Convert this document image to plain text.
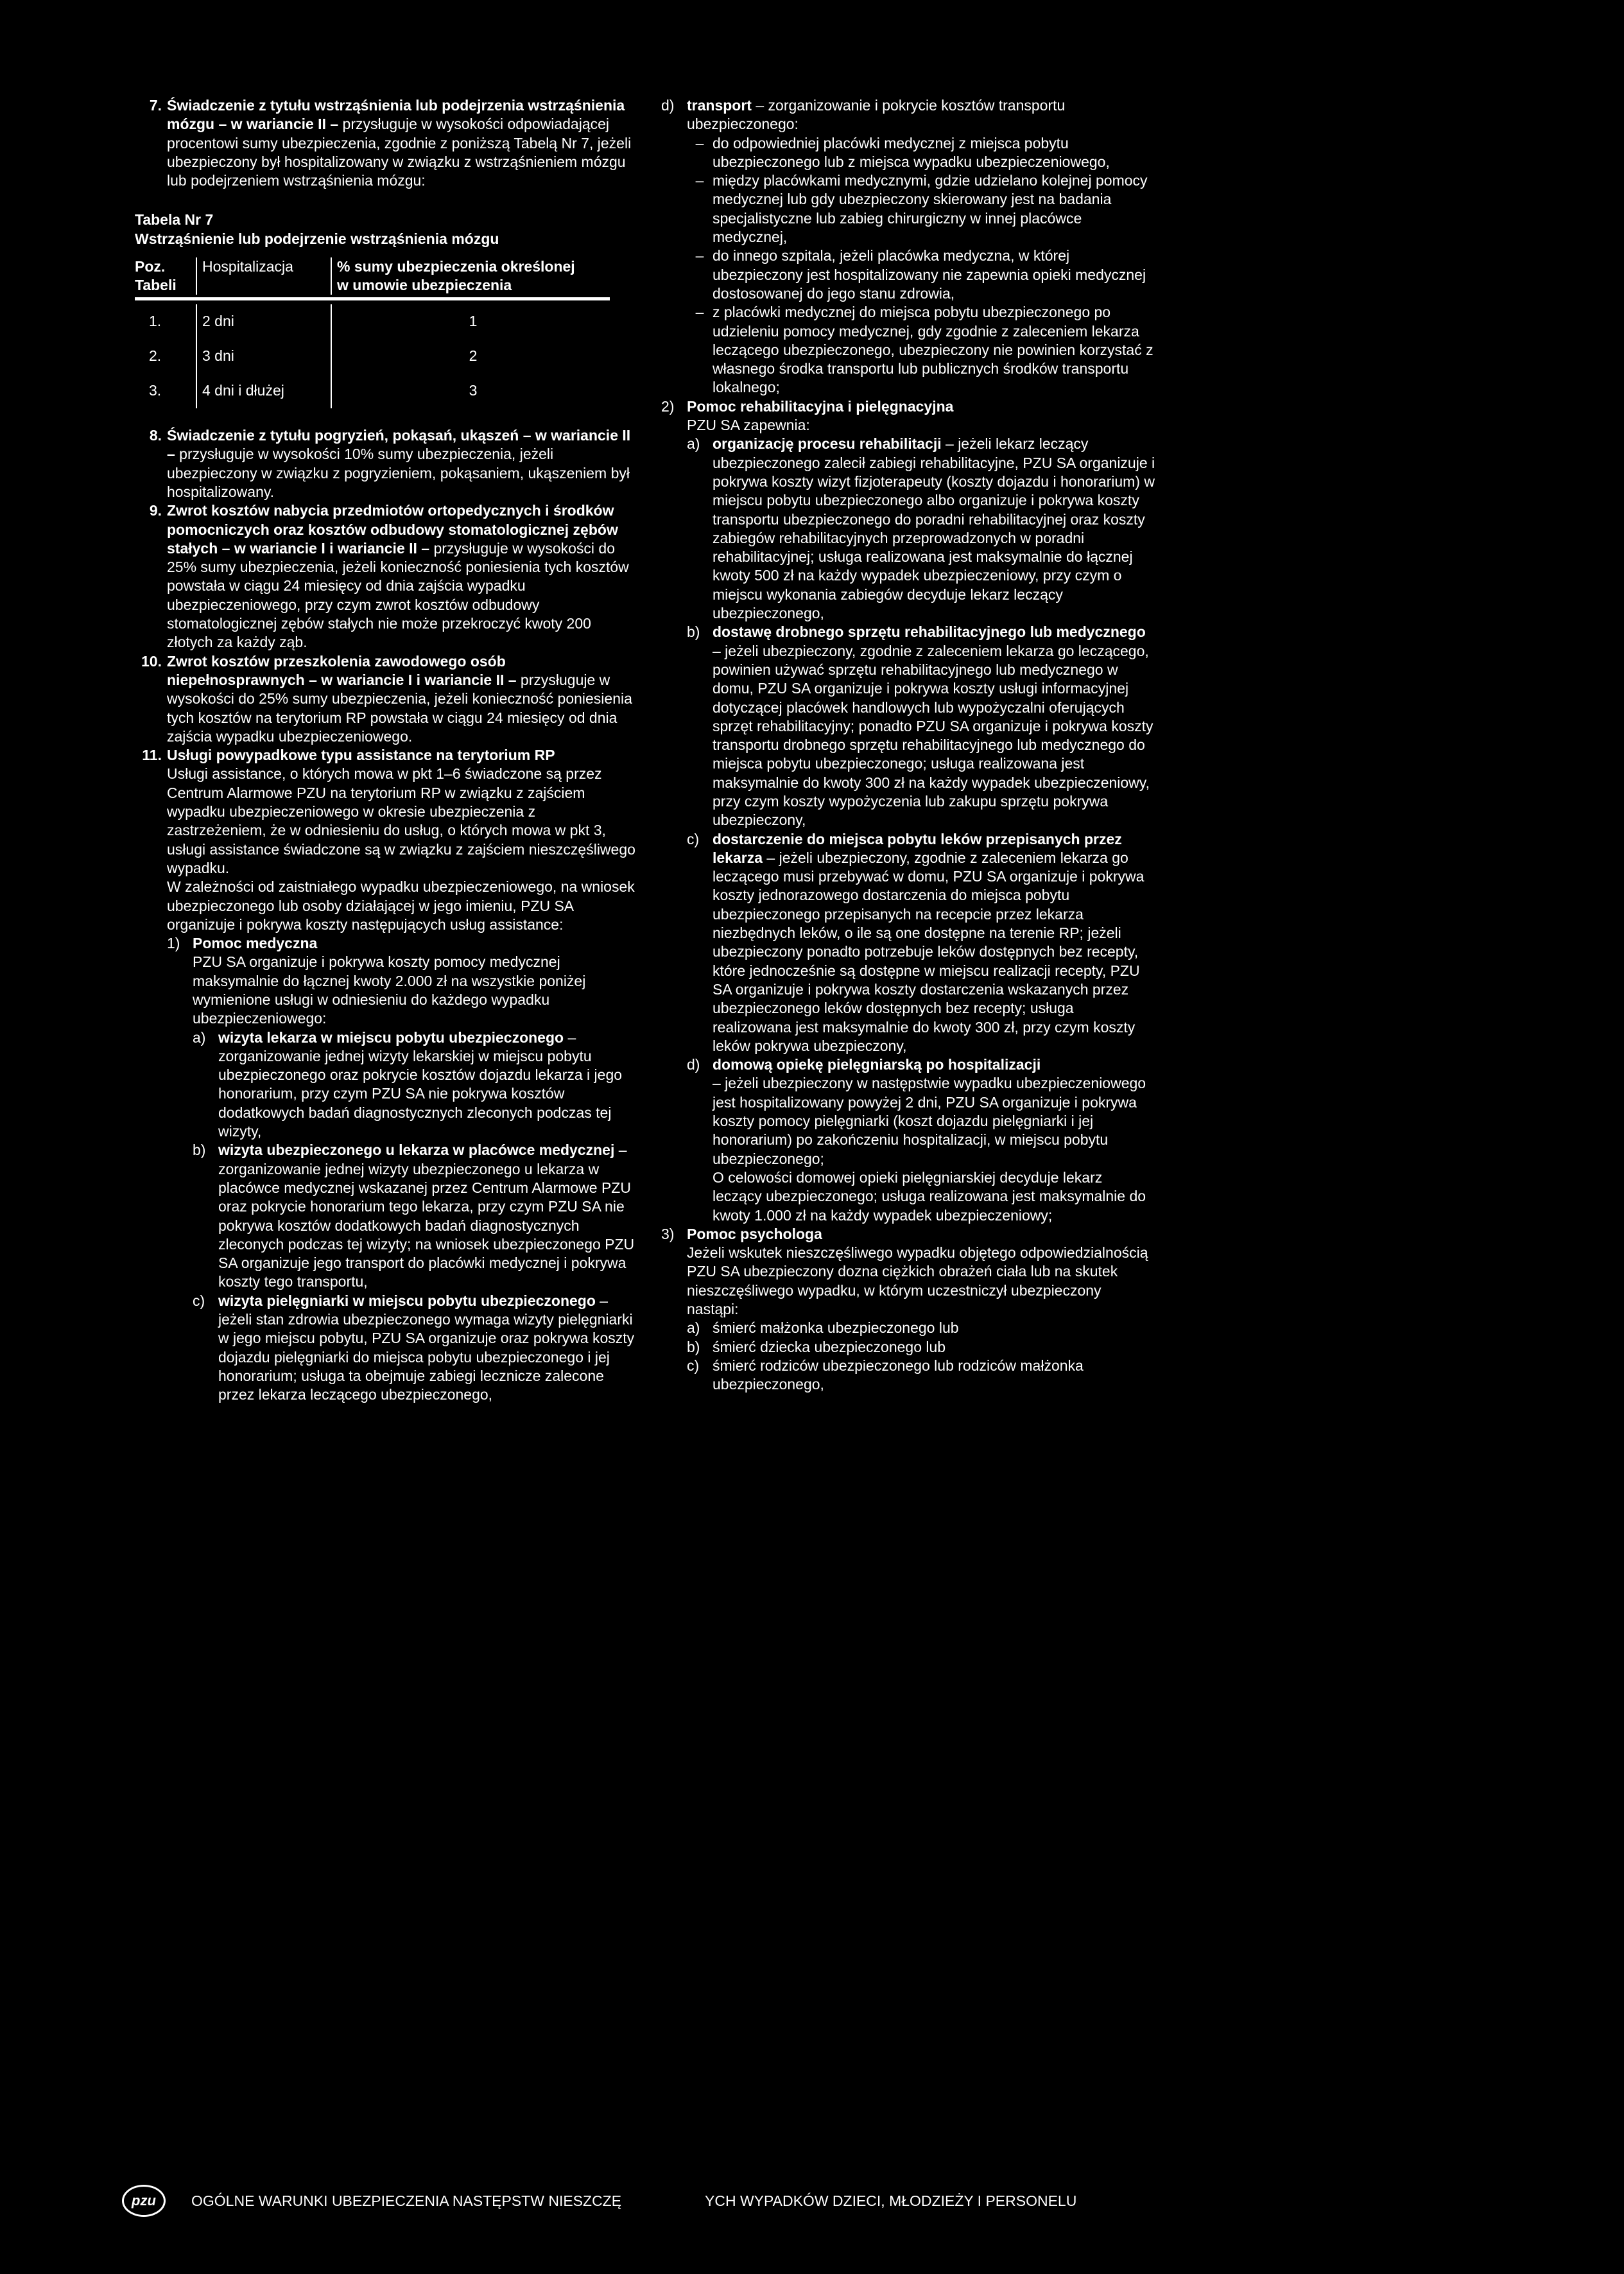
7. Świadczenie z tytułu wstrząśnienia lub podejrzenia wstrząśnienia mózgu – w wariancie II – przysługuje w wysokości odpowiadającej procentowi sumy ubezpieczenia, zgodnie z poniższą Tabelą Nr 7, jeżeli ubezpieczony był hospitalizowany w związku z wstrząśnieniem mózgu lub podejrzeniem wstrząśnienia mózgu:

Tabela Nr 7

Wstrząśnienie lub podejrzenie wstrząśnienia mózgu

Poz.
Tabeli
Hospitalizacja	% sumy ubezpieczenia określonej
w umowie ubezpieczenia
1.	2 dni	1
2.	3 dni	2
3.	4 dni i dłużej	3
8. Świadczenie z tytułu pogryzień, pokąsań, ukąszeń – w wariancie II – przysługuje w wysokości 10% sumy ubezpieczenia, jeżeli ubezpieczony w związku z pogryzieniem, pokąsaniem, ukąszeniem był hospitalizowany.

9. Zwrot kosztów nabycia przedmiotów ortopedycznych i środków pomocniczych oraz kosztów odbudowy stomatologicznej zębów stałych – w wariancie I i wariancie II – przysługuje w wysokości do 25% sumy ubezpieczenia, jeżeli konieczność poniesienia tych kosztów powstała w ciągu 24 miesięcy od dnia zajścia wypadku ubezpieczeniowego, przy czym zwrot kosztów odbudowy stomatologicznej zębów stałych nie może przekroczyć kwoty 200 złotych za każdy ząb.

10. Zwrot kosztów przeszkolenia zawodowego osób niepełnosprawnych – w wariancie I i wariancie II – przysługuje w wysokości do 25% sumy ubezpieczenia, jeżeli konieczność poniesienia tych kosztów na terytorium RP powstała w ciągu 24 miesięcy od dnia zajścia wypadku ubezpieczeniowego.

11. Usługi powypadkowe typu assistance na terytorium RP

Usługi assistance, o których mowa w pkt 1–6 świadczone są przez Centrum Alarmowe PZU na terytorium RP w związku z zajściem wypadku ubezpieczeniowego w okresie ubezpieczenia z zastrzeżeniem, że w odniesieniu do usług, o których mowa w pkt 3, usługi assistance świadczone są w związku z zajściem nieszczęśliwego wypadku.

W zależności od zaistniałego wypadku ubezpieczeniowego, na wniosek ubezpieczonego lub osoby działającej w jego imieniu, PZU SA organizuje i pokrywa koszty następujących usług assistance:

1) Pomoc medyczna

PZU SA organizuje i pokrywa koszty pomocy medycznej maksymalnie do łącznej kwoty 2.000 zł na wszystkie poniżej wymienione usługi w odniesieniu do każdego wypadku ubezpieczeniowego:

a) wizyta lekarza w miejscu pobytu ubezpieczonego – zorganizowanie jednej wizyty lekarskiej w miejscu pobytu ubezpieczonego oraz pokrycie kosztów dojazdu lekarza i jego honorarium, przy czym PZU SA nie pokrywa kosztów dodatkowych badań diagnostycznych zleconych podczas tej wizyty,

b) wizyta ubezpieczonego u lekarza w placówce medycznej – zorganizowanie jednej wizyty ubezpieczonego u lekarza w placówce medycznej wskazanej przez Centrum Alarmowe PZU oraz pokrycie honorarium tego lekarza, przy czym PZU SA nie pokrywa kosztów dodatkowych badań diagnostycznych zleconych podczas tej wizyty; na wniosek ubezpieczonego PZU SA organizuje jego transport do placówki medycznej i pokrywa koszty tego transportu,

c) wizyta pielęgniarki w miejscu pobytu ubezpieczonego – jeżeli stan zdrowia ubezpieczonego wymaga wizyty pielęgniarki w jego miejscu pobytu, PZU SA organizuje oraz pokrywa koszty dojazdu pielęgniarki do miejsca pobytu ubezpieczonego i jej honorarium; usługa ta obejmuje zabiegi lecznicze zalecone przez lekarza leczącego ubezpieczonego,

d) transport – zorganizowanie i pokrycie kosztów transportu ubezpieczonego:

– do odpowiedniej placówki medycznej z miejsca pobytu ubezpieczonego lub z miejsca wypadku ubezpieczeniowego,

– między placówkami medycznymi, gdzie udzielano kolejnej pomocy medycznej lub gdy ubezpieczony skierowany jest na badania specjalistyczne lub zabieg chirurgiczny w innej placówce medycznej,

– do innego szpitala, jeżeli placówka medyczna, w której ubezpieczony jest hospitalizowany nie zapewnia opieki medycznej dostosowanej do jego stanu zdrowia,

– z placówki medycznej do miejsca pobytu ubezpieczonego po udzieleniu pomocy medycznej, gdy zgodnie z zaleceniem lekarza leczącego ubezpieczonego, ubezpieczony nie powinien korzystać z własnego środka transportu lub publicznych środków transportu lokalnego;

2) Pomoc rehabilitacyjna i pielęgnacyjna

PZU SA zapewnia:

a) organizację procesu rehabilitacji – jeżeli lekarz leczący ubezpieczonego zalecił zabiegi rehabilitacyjne, PZU SA organizuje i pokrywa koszty wizyt fizjoterapeuty (koszty dojazdu i honorarium) w miejscu pobytu ubezpieczonego albo organizuje i pokrywa koszty transportu ubezpieczonego do poradni rehabilitacyjnej oraz koszty zabiegów rehabilitacyjnych przeprowadzonych w poradni rehabilitacyjnej; usługa realizowana jest maksymalnie do łącznej kwoty 500 zł na każdy wypadek ubezpieczeniowy, przy czym o miejscu wykonania zabiegów decyduje lekarz leczący ubezpieczonego,

b) dostawę drobnego sprzętu rehabilitacyjnego lub medycznego – jeżeli ubezpieczony, zgodnie z zaleceniem lekarza go leczącego, powinien używać sprzętu rehabilitacyjnego lub medycznego w domu, PZU SA organizuje i pokrywa koszty usługi informacyjnej dotyczącej placówek handlowych lub wypożyczalni oferujących sprzęt rehabilitacyjny; ponadto PZU SA organizuje i pokrywa koszty transportu drobnego sprzętu rehabilitacyjnego lub medycznego do miejsca pobytu ubezpieczonego; usługa realizowana jest maksymalnie do kwoty 300 zł na każdy wypadek ubezpieczeniowy, przy czym koszty wypożyczenia lub zakupu sprzętu pokrywa ubezpieczony,

c) dostarczenie do miejsca pobytu leków przepisanych przez lekarza – jeżeli ubezpieczony, zgodnie z zaleceniem lekarza go leczącego musi przebywać w domu, PZU SA organizuje i pokrywa koszty jednorazowego dostarczenia do miejsca pobytu ubezpieczonego przepisanych na recepcie przez lekarza niezbędnych leków, o ile są one dostępne na terenie RP; jeżeli ubezpieczony ponadto potrzebuje leków dostępnych bez recepty, które jednocześnie są dostępne w miejscu realizacji recepty, PZU SA organizuje i pokrywa koszty dostarczenia wskazanych przez ubezpieczonego leków dostępnych bez recepty; usługa realizowana jest maksymalnie do kwoty 300 zł, przy czym koszty leków pokrywa ubezpieczony,

d) domową opiekę pielęgniarską po hospitalizacji

– jeżeli ubezpieczony w następstwie wypadku ubezpieczeniowego jest hospitalizowany powyżej 2 dni, PZU SA organizuje i pokrywa koszty pomocy pielęgniarki (koszt dojazdu pielęgniarki i jej honorarium) po zakończeniu hospitalizacji, w miejscu pobytu ubezpieczonego;

O celowości domowej opieki pielęgniarskiej decyduje lekarz leczący ubezpieczonego; usługa realizowana jest maksymalnie do kwoty 1.000 zł na każdy wypadek ubezpieczeniowy;

3) Pomoc psychologa

Jeżeli wskutek nieszczęśliwego wypadku objętego odpowiedzialnością PZU SA ubezpieczony dozna ciężkich obrażeń ciała lub na skutek nieszczęśliwego wypadku, w którym uczestniczył ubezpieczony nastąpi:

a) śmierć małżonka ubezpieczonego lub

b) śmierć dziecka ubezpieczonego lub

c) śmierć rodziców ubezpieczonego lub rodziców małżonka ubezpieczonego,

pzu	OGÓLNE WARUNKI UBEZPIECZENIA NASTĘPSTW NIESZCZĘ	YCH WYPADKÓW DZIECI, MŁODZIEŻY I PERSONELU
